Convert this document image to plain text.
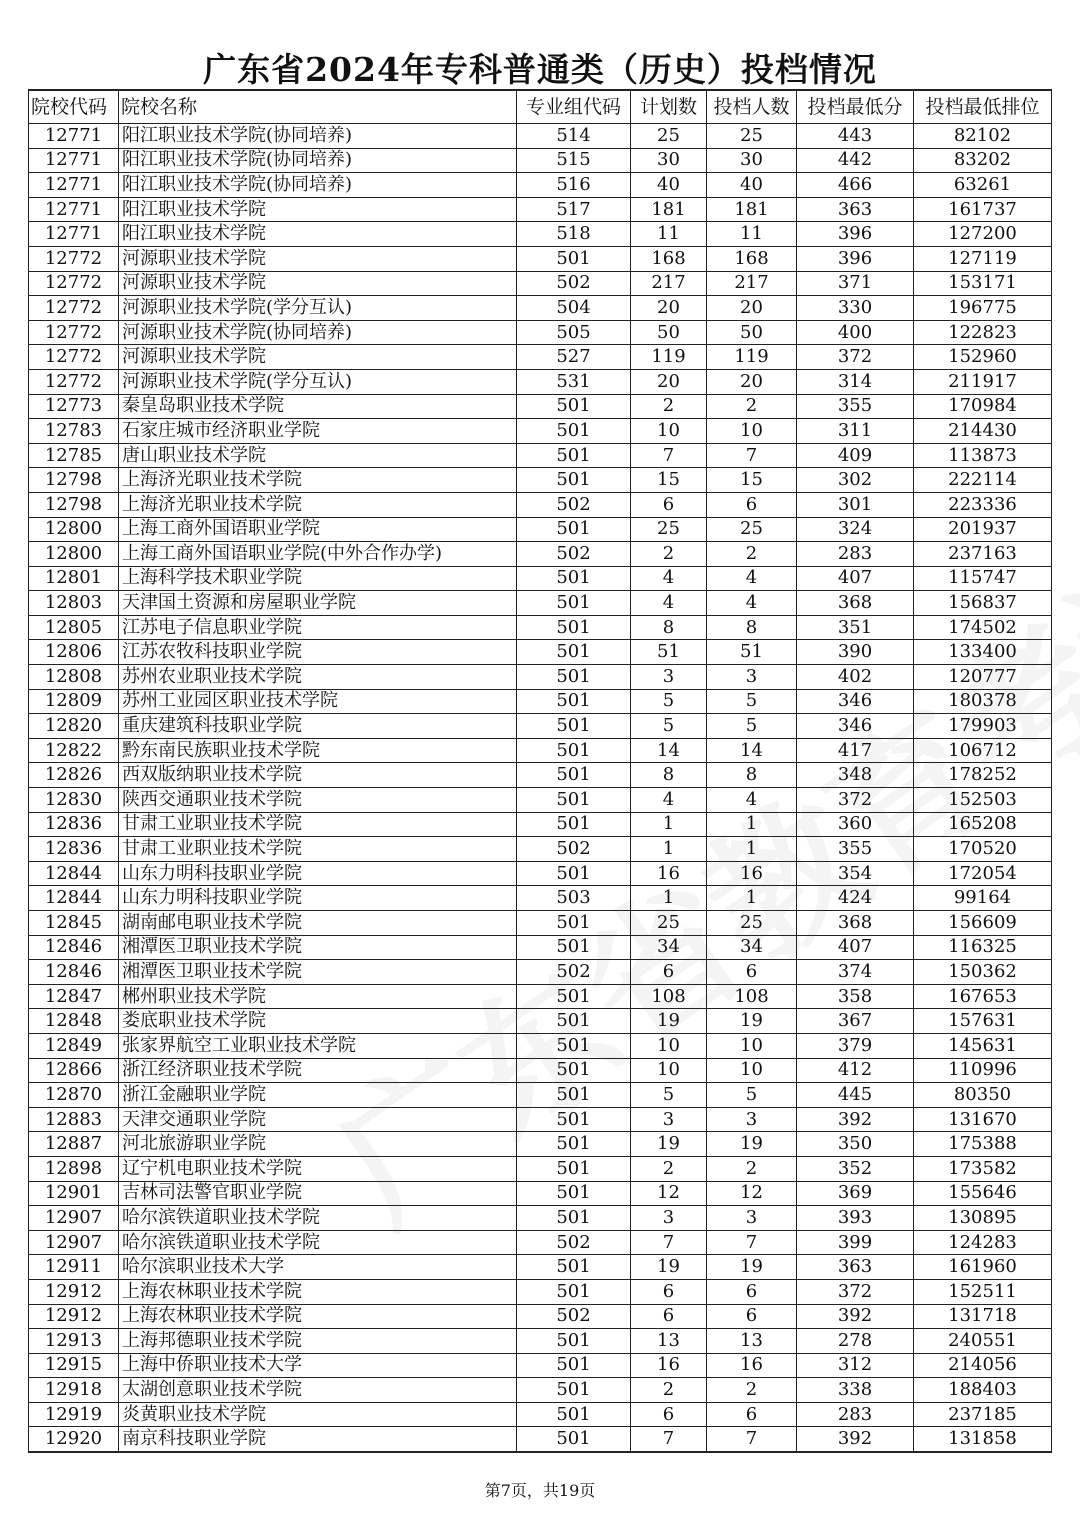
广东省2024年专科普通类（历史）投档情况
院校代码	院校名称	专业组代码	计划数	投档人数	投档最低分	投档最低排位
12771	阳江职业技术学院(协同培养)	514	25	25	443	82102
12771	阳江职业技术学院(协同培养)	515	30	30	442	83202
12771	阳江职业技术学院(协同培养)	516	40	40	466	63261
12771	阳江职业技术学院	517	181	181	363	161737
12771	阳江职业技术学院	518	11	11	396	127200
12772	河源职业技术学院	501	168	168	396	127119
12772	河源职业技术学院	502	217	217	371	153171
12772	河源职业技术学院(学分互认)	504	20	20	330	196775
12772	河源职业技术学院(协同培养)	505	50	50	400	122823
12772	河源职业技术学院	527	119	119	372	152960
12772	河源职业技术学院(学分互认)	531	20	20	314	211917
12773	秦皇岛职业技术学院	501	2	2	355	170984
12783	石家庄城市经济职业学院	501	10	10	311	214430
12785	唐山职业技术学院	501	7	7	409	113873
12798	上海济光职业技术学院	501	15	15	302	222114
12798	上海济光职业技术学院	502	6	6	301	223336
12800	上海工商外国语职业学院	501	25	25	324	201937
12800	上海工商外国语职业学院(中外合作办学)	502	2	2	283	237163
12801	上海科学技术职业学院	501	4	4	407	115747
12803	天津国土资源和房屋职业学院	501	4	4	368	156837
12805	江苏电子信息职业学院	501	8	8	351	174502
12806	江苏农牧科技职业学院	501	51	51	390	133400
12808	苏州农业职业技术学院	501	3	3	402	120777
12809	苏州工业园区职业技术学院	501	5	5	346	180378
12820	重庆建筑科技职业学院	501	5	5	346	179903
12822	黔东南民族职业技术学院	501	14	14	417	106712
12826	西双版纳职业技术学院	501	8	8	348	178252
12830	陕西交通职业技术学院	501	4	4	372	152503
12836	甘肃工业职业技术学院	501	1	1	360	165208
12836	甘肃工业职业技术学院	502	1	1	355	170520
12844	山东力明科技职业学院	501	16	16	354	172054
12844	山东力明科技职业学院	503	1	1	424	99164
12845	湖南邮电职业技术学院	501	25	25	368	156609
12846	湘潭医卫职业技术学院	501	34	34	407	116325
12846	湘潭医卫职业技术学院	502	6	6	374	150362
12847	郴州职业技术学院	501	108	108	358	167653
12848	娄底职业技术学院	501	19	19	367	157631
12849	张家界航空工业职业技术学院	501	10	10	379	145631
12866	浙江经济职业技术学院	501	10	10	412	110996
12870	浙江金融职业学院	501	5	5	445	80350
12883	天津交通职业学院	501	3	3	392	131670
12887	河北旅游职业学院	501	19	19	350	175388
12898	辽宁机电职业技术学院	501	2	2	352	173582
12901	吉林司法警官职业学院	501	12	12	369	155646
12907	哈尔滨铁道职业技术学院	501	3	3	393	130895
12907	哈尔滨铁道职业技术学院	502	7	7	399	124283
12911	哈尔滨职业技术大学	501	19	19	363	161960
12912	上海农林职业技术学院	501	6	6	372	152511
12912	上海农林职业技术学院	502	6	6	392	131718
12913	上海邦德职业技术学院	501	13	13	278	240551
12915	上海中侨职业技术大学	501	16	16	312	214056
12918	太湖创意职业技术学院	501	2	2	338	188403
12919	炎黄职业技术学院	501	6	6	283	237185
12920	南京科技职业学院	501	7	7	392	131858
第7页，共19页
